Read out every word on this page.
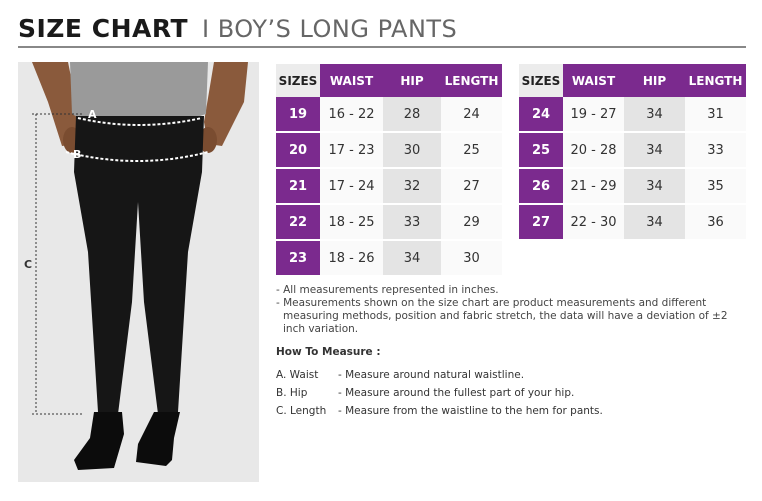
SIZE CHART I BOY’S LONG PANTS
A
B
C
SIZES	WAIST	HIP	LENGTH
19	16 - 22	28	24
20	17 - 23	30	25
21	17 - 24	32	27
22	18 - 25	33	29
23	18 - 26	34	30
SIZES	WAIST	HIP	LENGTH
24	19 - 27	34	31
25	20 - 28	34	33
26	21 - 29	34	35
27	22 - 30	34	36

- All measurements represented in inches.

- Measurements shown on the size chart are product measurements and different measuring methods, position and fabric stretch, the data will have a deviation of ±2 inch variation.

How To Measure :
A. Waist	- Measure around natural waistline.
B. Hip	- Measure around the fullest part of your hip.
C. Length	- Measure from the waistline to the hem for pants.
